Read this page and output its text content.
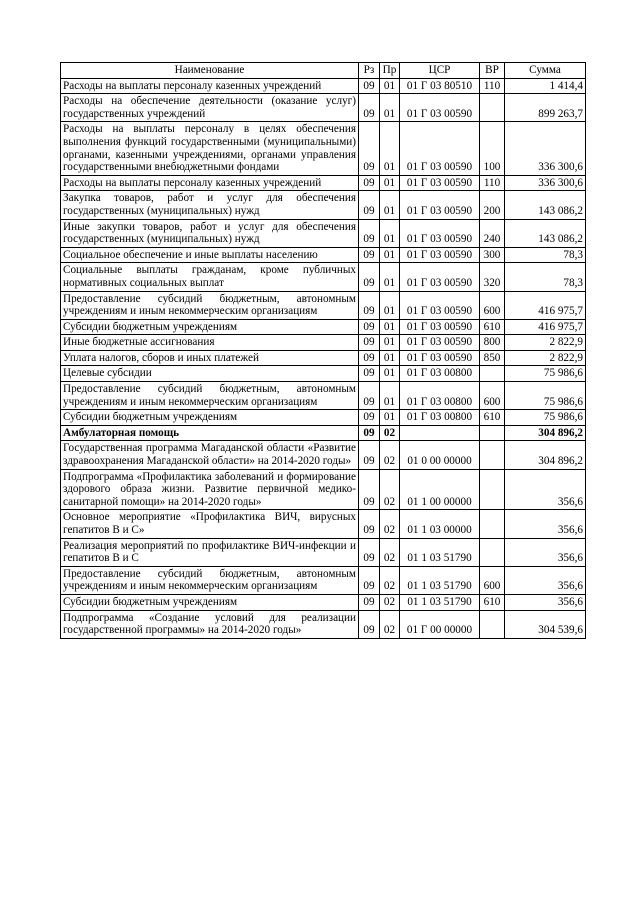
Наименование	Рз	Пр	ЦСР	ВР	Сумма
Расходы на выплаты персоналу казенных учреждений	09	01	01 Г 03 80510	110	1 414,4
Расходы на обеспечение деятельности (оказание услуг) государственных учреждений	09	01	01 Г 03 00590		899 263,7
Расходы на выплаты персоналу в целях обеспечения выполнения функций государственными (муниципальными) органами, казенными учреждениями, органами управления государственными внебюджетными фондами	09	01	01 Г 03 00590	100	336 300,6
Расходы на выплаты персоналу казенных учреждений	09	01	01 Г 03 00590	110	336 300,6
Закупка товаров, работ и услуг для обеспечения государственных (муниципальных) нужд	09	01	01 Г 03 00590	200	143 086,2
Иные закупки товаров, работ и услуг для обеспечения государственных (муниципальных) нужд	09	01	01 Г 03 00590	240	143 086,2
Социальное обеспечение и иные выплаты населению	09	01	01 Г 03 00590	300	78,3
Социальные выплаты гражданам, кроме публичных нормативных социальных выплат	09	01	01 Г 03 00590	320	78,3
Предоставление субсидий бюджетным, автономным учреждениям и иным некоммерческим организациям	09	01	01 Г 03 00590	600	416 975,7
Субсидии бюджетным учреждениям	09	01	01 Г 03 00590	610	416 975,7
Иные бюджетные ассигнования	09	01	01 Г 03 00590	800	2 822,9
Уплата налогов, сборов и иных платежей	09	01	01 Г 03 00590	850	2 822,9
Целевые субсидии	09	01	01 Г 03 00800		75 986,6
Предоставление субсидий бюджетным, автономным учреждениям и иным некоммерческим организациям	09	01	01 Г 03 00800	600	75 986,6
Субсидии бюджетным учреждениям	09	01	01 Г 03 00800	610	75 986,6
Амбулаторная помощь	09	02			304 896,2
Государственная программа Магаданской области «Развитие здравоохранения Магаданской области» на 2014-2020 годы»	09	02	01 0 00 00000		304 896,2
Подпрограмма «Профилактика заболеваний и формирование здорового образа жизни. Развитие первичной медико-санитарной помощи» на 2014-2020 годы»	09	02	01 1 00 00000		356,6
Основное мероприятие «Профилактика ВИЧ, вирусных гепатитов В и С»	09	02	01 1 03 00000		356,6
Реализация мероприятий по профилактике ВИЧ-инфекции и гепатитов В и С	09	02	01 1 03 51790		356,6
Предоставление субсидий бюджетным, автономным учреждениям и иным некоммерческим организациям	09	02	01 1 03 51790	600	356,6
Субсидии бюджетным учреждениям	09	02	01 1 03 51790	610	356,6
Подпрограмма «Создание условий для реализации государственной программы» на 2014-2020 годы»	09	02	01 Г 00 00000		304 539,6
